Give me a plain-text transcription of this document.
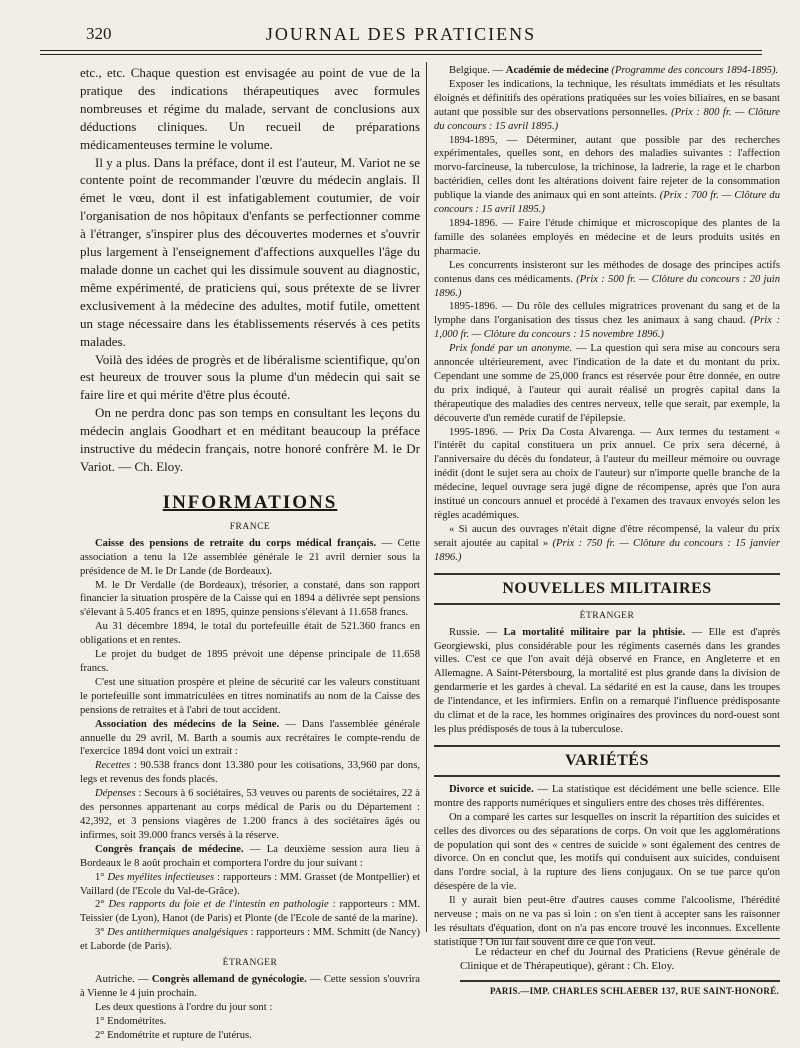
320	JOURNAL DES PRATICIENS

etc., etc. Chaque question est envisagée au point de vue de la pratique des indications thérapeutiques avec formules nombreuses et régime du malade, servant de conclusions aux déductions cliniques. Un recueil de préparations médicamenteuses termine le volume.

Il y a plus. Dans la préface, dont il est l'auteur, M. Variot ne se contente point de recommander l'œuvre du médecin anglais. Il émet le vœu, dont il est infatigablement coutumier, de voir l'organisation de nos hôpitaux d'enfants se perfectionner comme à l'étranger, s'inspirer plus des découvertes modernes et s'ouvrir plus largement à l'enseignement d'affections auxquelles l'âge du malade donne un cachet qui les dissimule souvent au diagnostic, même expérimenté, de praticiens qui, sous prétexte de se livrer exclusivement à la médecine des adultes, motif futile, omettent un stage nécessaire dans les établissements réservés à ces petits malades.

Voilà des idées de progrès et de libéralisme scientifique, qu'on est heureux de trouver sous la plume d'un médecin qui sait se faire lire et qui mérite d'être plus écouté.

On ne perdra donc pas son temps en consultant les leçons du médecin anglais Goodhart et en méditant beaucoup la préface instructive du médecin français, notre honoré confrère M. le Dr Variot. — Ch. Eloy.

INFORMATIONS
FRANCE

Caisse des pensions de retraite du corps médical français. — Cette association a tenu la 12e assemblée générale le 21 avril dernier sous la présidence de M. le Dr Lande (de Bordeaux).

M. le Dr Verdalle (de Bordeaux), trésorier, a constaté, dans son rapport financier la situation prospère de la Caisse qui en 1894 a délivrée sept pensions s'élevant à 5.405 francs et en 1895, quinze pensions s'élevant à 11.658 francs.

Au 31 décembre 1894, le total du portefeuille était de 521.360 francs en obligations et en rentes.

Le projet du budget de 1895 prévoit une dépense principale de 11.658 francs.

C'est une situation prospère et pleine de sécurité car les valeurs constituant le portefeuille sont immatriculées en titres nominatifs au nom de la Caisse des pensions de retraites et à l'abri de tout accident.

Association des médecins de la Seine. — Dans l'assemblée générale annuelle du 29 avril, M. Barth a soumis aux recrétaires le compte-rendu de l'exercice 1894 dont voici un extrait :

Recettes : 90.538 francs dont 13.380 pour les cotisations, 33,960 par dons, legs et revenus des fonds placés.

Dépenses : Secours à 6 sociétaires, 53 veuves ou parents de sociétaires, 22 à des personnes appartenant au corps médical de Paris ou du Département : 42,392, et 3 pensions viagères de 1.200 francs à des sociétaires âgés ou infirmes, soit 39.000 francs versés à la réserve.

Congrès français de médecine. — La deuxième session aura lieu à Bordeaux le 8 août prochain et comportera l'ordre du jour suivant :

1° Des myélites infectieuses : rapporteurs : MM. Grasset (de Montpellier) et Vaillard (de l'Ecole du Val-de-Grâce).

2° Des rapports du foie et de l'intestin en pathologie : rapporteurs : MM. Teissier (de Lyon), Hanot (de Paris) et Plonte (de l'Ecole de santé de la marine).

3° Des antithermiques analgésiques : rapporteurs : MM. Schmitt (de Nancy) et Laborde (de Paris).

ÉTRANGER

Autriche. — Congrès allemand de gynécologie. — Cette session s'ouvrira à Vienne le 4 juin prochain.

Les deux questions à l'ordre du jour sont :

1° Endométrites.

2° Endométrite et rupture de l'utérus.

Belgique. — Académie de médecine (Programme des concours 1894-1895).

Exposer les indications, la technique, les résultats immédiats et les résultats éloignés et définitifs des opérations pratiquées sur les voies biliaires, en se basant autant que possible sur des observations personnelles. (Prix : 800 fr. — Clôture du concours : 15 avril 1895.)

1894-1895, — Déterminer, autant que possible par des recherches expérimentales, quelles sont, en dehors des maladies suivantes : l'affection morvo-farcineuse, la tuberculose, la trichinose, la ladrerie, la rage et le charbon bactéridien, celles dont les altérations doivent faire rejeter de la consommation publique la viande des animaux qui en sont atteints. (Prix : 700 fr. — Clôture du concours : 15 avril 1895.)

1894-1896. — Faire l'étude chimique et microscopique des plantes de la famille des solanées employés en médecine et de leurs produits usités en pharmacie.

Les concurrents insisteront sur les méthodes de dosage des principes actifs contenus dans ces médicaments. (Prix : 500 fr. — Clôture du concours : 20 juin 1896.)

1895-1896. — Du rôle des cellules migratrices provenant du sang et de la lymphe dans l'organisation des tissus chez les animaux à sang chaud. (Prix : 1,000 fr. — Clôture du concours : 15 novembre 1896.)

Prix fondé par un anonyme. — La question qui sera mise au concours sera annoncée ultérieurement, avec l'indication de la date et du montant du prix. Cependant une somme de 25,000 francs est réservée pour être donnée, en outre du prix indiqué, à l'auteur qui aurait réalisé un progrès capital dans la thérapeutique des maladies des centres nerveux, telle que serait, par exemple, la découverte d'un remède curatif de l'épilepsie.

1995-1896. — Prix Da Costa Alvarenga. — Aux termes du testament « l'intérêt du capital constituera un prix annuel. Ce prix sera décerné, à l'anniversaire du décès du fondateur, à l'auteur du meilleur mémoire ou ouvrage inédit (dont le sujet sera au choix de l'auteur) sur n'importe quelle branche de la médecine, lequel ouvrage sera jugé digne de récompense, après que l'on aura institué un concours annuel et procédé à l'examen des travaux envoyés selon les règles académiques.

« Si aucun des ouvrages n'était digne d'être récompensé, la valeur du prix serait ajoutée au capital » (Prix : 750 fr. — Clôture du concours : 15 janvier 1896.)

NOUVELLES MILITAIRES
ÉTRANGER

Russie. — La mortalité militaire par la phtisie. — Elle est d'après Georgiewski, plus considérable pour les régiments casernés dans les grandes villes. C'est ce que l'on avait déjà observé en France, en Angleterre et en Allemagne. A Saint-Pétersbourg, la mortalité est plus grande dans la division de gendarmerie et les gardes à cheval. La sédarité en est la cause, dans les troupes de l'intendance, et les infirmiers. Enfin on a remarqué l'influence prédisposante du climat et de la race, les hommes originaires des provinces du nord-ouest sont les plus prédisposés de tous à la tuberculose.

VARIÉTÉS

Divorce et suicide. — La statistique est décidément une belle science. Elle montre des rapports numériques et singuliers entre des choses très différentes.

On a comparé les cartes sur lesquelles on inscrit la répartition des suicides et celles des divorces ou des séparations de corps. On voit que les agglomérations de population qui sont des « centres de suicide » sont également des centres de divorce. On en conclut que, les motifs qui conduisent aux suicides, conduisent dans l'ordre social, à la rupture des liens conjugaux. On se tue parce qu'on désespère de la vie.

Il y aurait bien peut-être d'autres causes comme l'alcoolisme, l'hérédité nerveuse ; mais on ne va pas si loin : on s'en tient à accepter sans les raisonner les résultats d'équation, dont on n'a pas encore trouvé les inconnues. Excellente statistique ! On lui fait souvent dire ce que l'on veut.

Le rédacteur en chef du Journal des Praticiens (Revue générale de Clinique et de Thérapeutique), gérant : Ch. Eloy.

PARIS.—IMP. CHARLES SCHLAEBER 137, RUE SAINT-HONORÉ.
